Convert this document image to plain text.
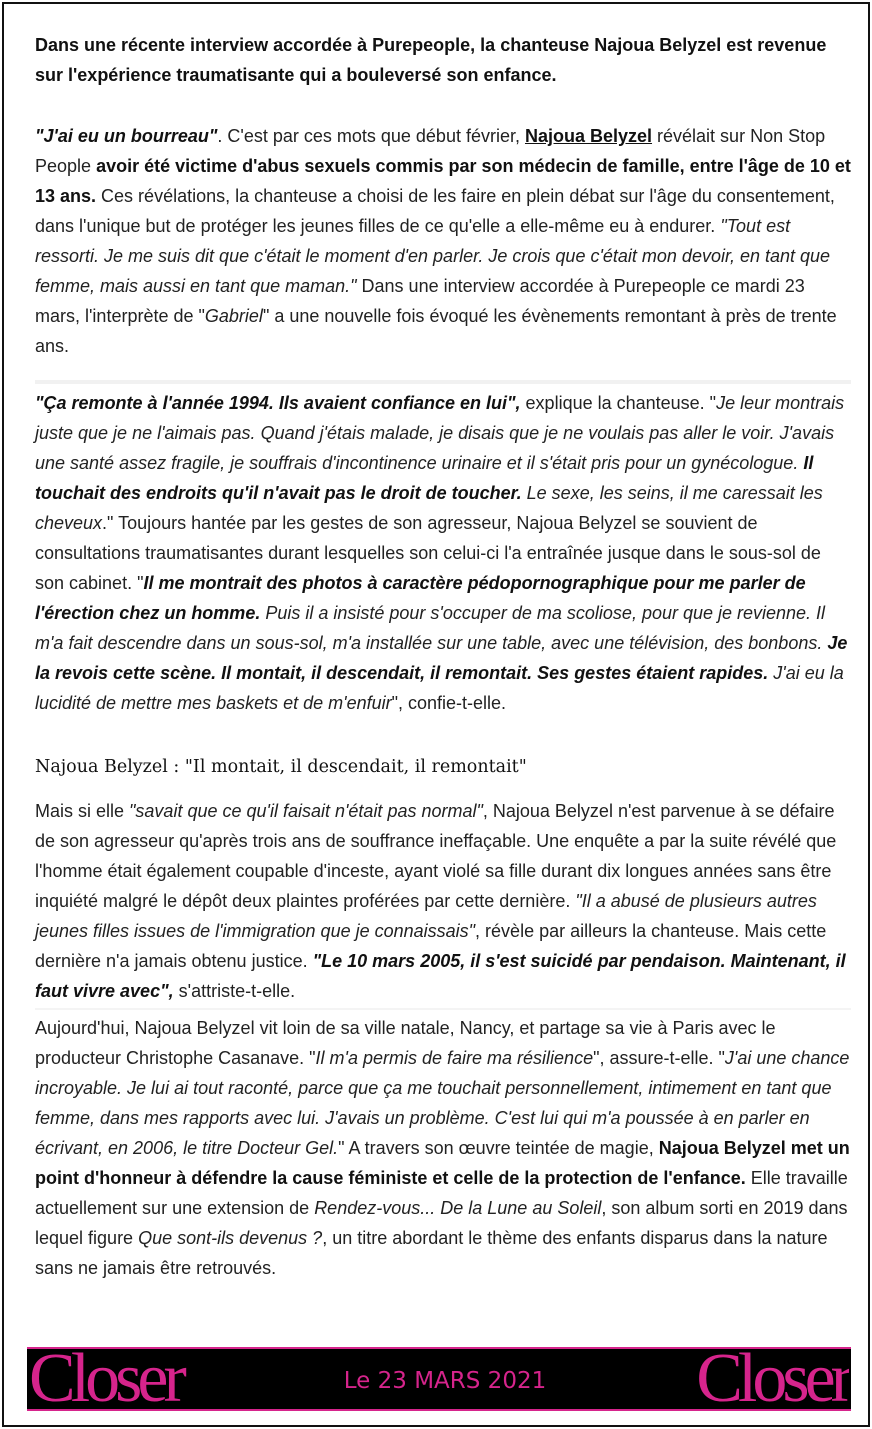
Dans une récente interview accordée à Purepeople, la chanteuse Najoua Belyzel est revenue sur l'expérience traumatisante qui a bouleversé son enfance.

"J'ai eu un bourreau". C'est par ces mots que début février, Najoua Belyzel révélait sur Non Stop People avoir été victime d'abus sexuels commis par son médecin de famille, entre l'âge de 10 et 13 ans. Ces révélations, la chanteuse a choisi de les faire en plein débat sur l'âge du consentement, dans l'unique but de protéger les jeunes filles de ce qu'elle a elle-même eu à endurer. "Tout est ressorti. Je me suis dit que c'était le moment d'en parler. Je crois que c'était mon devoir, en tant que femme, mais aussi en tant que maman." Dans une interview accordée à Purepeople ce mardi 23 mars, l'interprète de "Gabriel" a une nouvelle fois évoqué les évènements remontant à près de trente ans.

"Ça remonte à l'année 1994. Ils avaient confiance en lui", explique la chanteuse. "Je leur montrais juste que je ne l'aimais pas. Quand j'étais malade, je disais que je ne voulais pas aller le voir. J'avais une santé assez fragile, je souffrais d'incontinence urinaire et il s'était pris pour un gynécologue. Il touchait des endroits qu'il n'avait pas le droit de toucher. Le sexe, les seins, il me caressait les cheveux." Toujours hantée par les gestes de son agresseur, Najoua Belyzel se souvient de consultations traumatisantes durant lesquelles son celui-ci l'a entraînée jusque dans le sous-sol de son cabinet. "Il me montrait des photos à caractère pédopornographique pour me parler de l'érection chez un homme. Puis il a insisté pour s'occuper de ma scoliose, pour que je revienne. Il m'a fait descendre dans un sous-sol, m'a installée sur une table, avec une télévision, des bonbons. Je la revois cette scène. Il montait, il descendait, il remontait. Ses gestes étaient rapides. J'ai eu la lucidité de mettre mes baskets et de m'enfuir", confie-t-elle.

Najoua Belyzel : "Il montait, il descendait, il remontait"

Mais si elle "savait que ce qu'il faisait n'était pas normal", Najoua Belyzel n'est parvenue à se défaire de son agresseur qu'après trois ans de souffrance ineffaçable. Une enquête a par la suite révélé que l'homme était également coupable d'inceste, ayant violé sa fille durant dix longues années sans être inquiété malgré le dépôt deux plaintes proférées par cette dernière. "Il a abusé de plusieurs autres jeunes filles issues de l'immigration que je connaissais", révèle par ailleurs la chanteuse. Mais cette dernière n'a jamais obtenu justice. "Le 10 mars 2005, il s'est suicidé par pendaison. Maintenant, il faut vivre avec", s'attriste-t-elle.

Aujourd'hui, Najoua Belyzel vit loin de sa ville natale, Nancy, et partage sa vie à Paris avec le producteur Christophe Casanave. "Il m'a permis de faire ma résilience", assure-t-elle. "J'ai une chance incroyable. Je lui ai tout raconté, parce que ça me touchait personnellement, intimement en tant que femme, dans mes rapports avec lui. J'avais un problème. C'est lui qui m'a poussée à en parler en écrivant, en 2006, le titre Docteur Gel." A travers son œuvre teintée de magie, Najoua Belyzel met un point d'honneur à défendre la cause féministe et celle de la protection de l'enfance. Elle travaille actuellement sur une extension de Rendez-vous... De la Lune au Soleil, son album sorti en 2019 dans lequel figure Que sont-ils devenus ?, un titre abordant le thème des enfants disparus dans la nature sans ne jamais être retrouvés.

Closer	Le 23 MARS 2021	Closer
